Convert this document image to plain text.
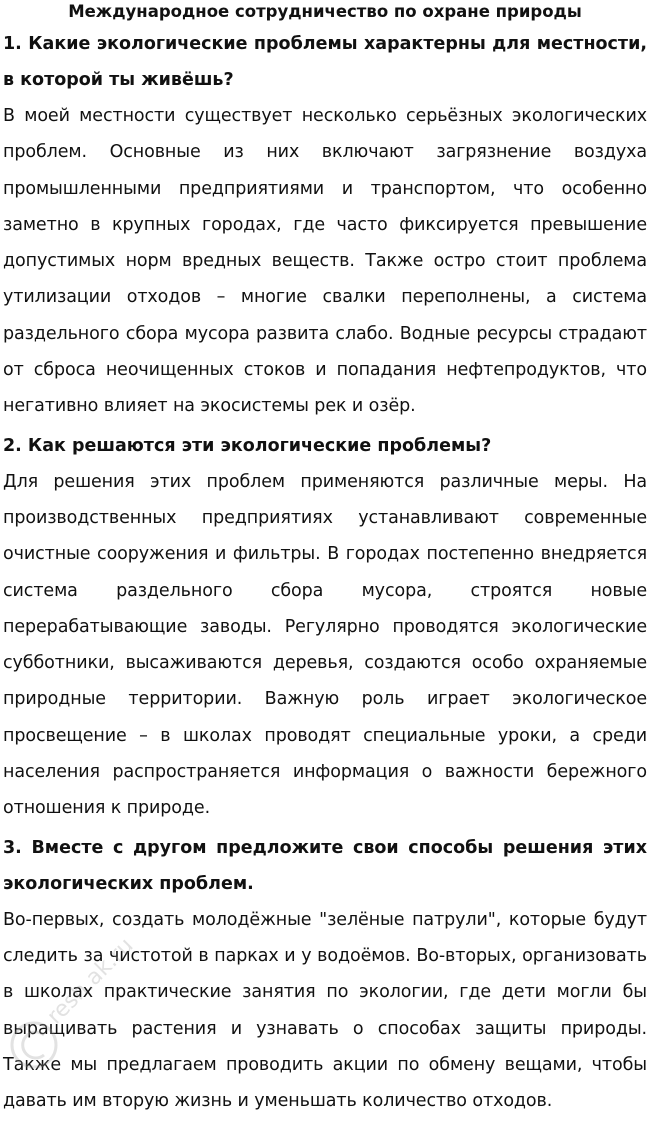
Международное сотрудничество по охране природы

1. Какие экологические проблемы характерны для местности, в которой ты живёшь?

В моей местности существует несколько серьёзных экологических проблем. Основные из них включают загрязнение воздуха промышленными предприятиями и транспортом, что особенно заметно в крупных городах, где часто фиксируется превышение допустимых норм вредных веществ. Также остро стоит проблема утилизации отходов – многие свалки переполнены, а система раздельного сбора мусора развита слабо. Водные ресурсы страдают от сброса неочищенных стоков и попадания нефтепродуктов, что негативно влияет на экосистемы рек и озёр.

2. Как решаются эти экологические проблемы?

Для решения этих проблем применяются различные меры. На производственных предприятиях устанавливают современные очистные сооружения и фильтры. В городах постепенно внедряется система раздельного сбора мусора, строятся новые перерабатывающие заводы. Регулярно проводятся экологические субботники, высаживаются деревья, создаются особо охраняемые природные территории. Важную роль играет экологическое просвещение – в школах проводят специальные уроки, а среди населения распространяется информация о важности бережного отношения к природе.

3. Вместе с другом предложите свои способы решения этих экологических проблем.

Во-первых, создать молодёжные "зелёные патрули", которые будут следить за чистотой в парках и у водоёмов. Во-вторых, организовать в школах практические занятия по экологии, где дети могли бы выращивать растения и узнавать о способах защиты природы. Также мы предлагаем проводить акции по обмену вещами, чтобы давать им вторую жизнь и уменьшать количество отходов.

resh.ak.ru
